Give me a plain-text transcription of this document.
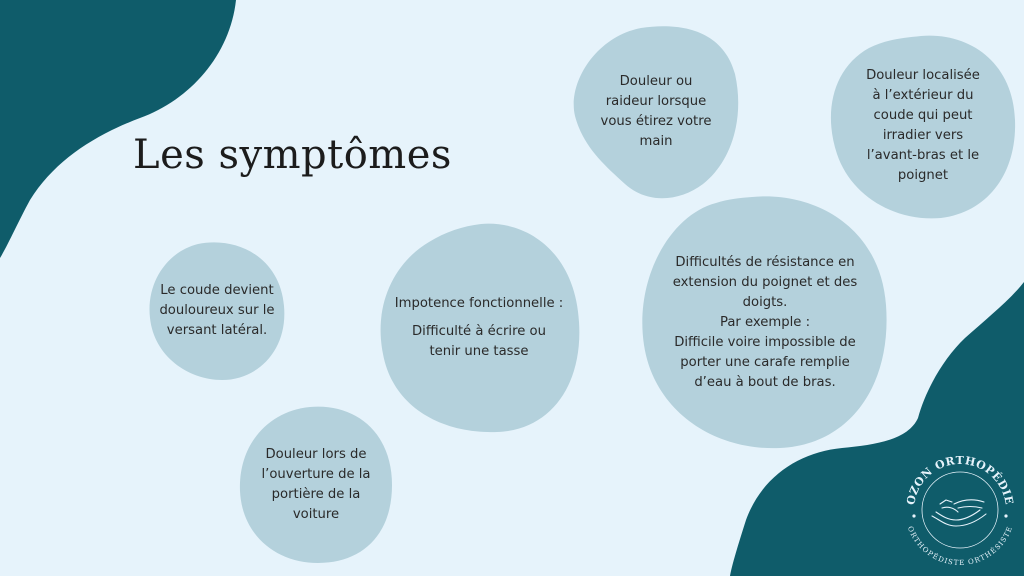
Les symptômes

Douleur ou

raideur lorsque

vous étirez votre

main

Douleur localisée

à l’extérieur du

coude qui peut

irradier vers

l’avant-bras et le

poignet

Le coude devient

douloureux sur le

versant latéral.

Impotence fonctionnelle :

Difficulté à écrire ou

tenir une tasse

Difficultés de résistance en

extension du poignet et des

doigts.

Par exemple :

Difficile voire impossible de

porter une carafe remplie

d’eau à bout de bras.

Douleur lors de

l’ouverture de la

portière de la

voiture

OZON ORTHOPÉDIE
ORTHOPÉDISTE ORTHÉSISTE
